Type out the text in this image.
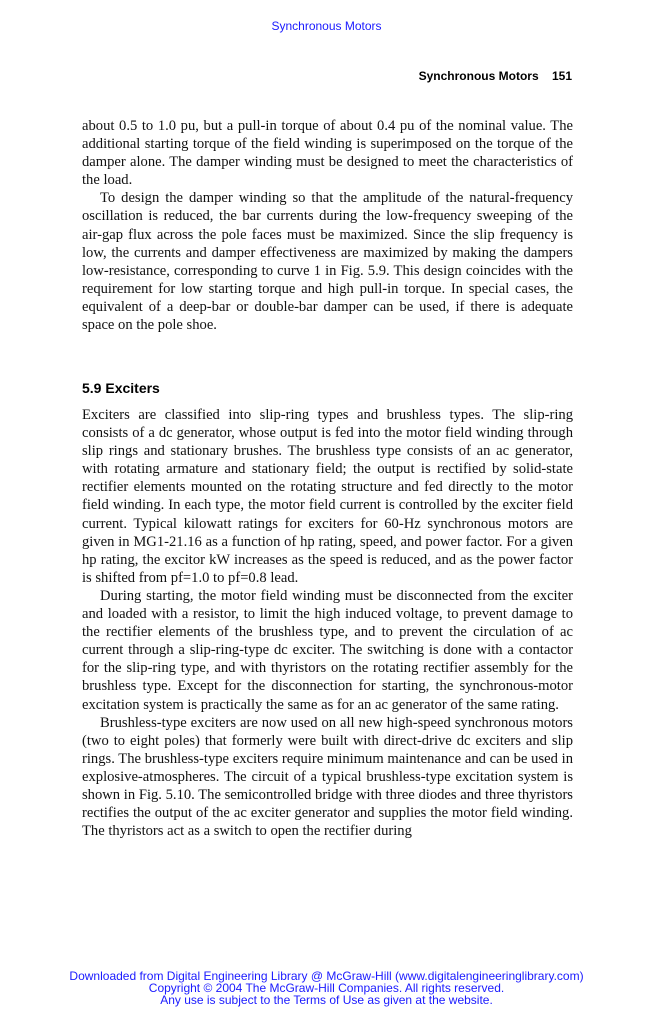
Synchronous Motors
Synchronous Motors 151

about 0.5 to 1.0 pu, but a pull-in torque of about 0.4 pu of the nominal value. The additional starting torque of the field winding is superimposed on the torque of the damper alone. The damper winding must be designed to meet the characteristics of the load.

To design the damper winding so that the amplitude of the natural-frequency oscillation is reduced, the bar currents during the low-frequency sweeping of the air-gap flux across the pole faces must be maximized. Since the slip frequency is low, the currents and damper effectiveness are maximized by making the dampers low-resistance, corresponding to curve 1 in Fig. 5.9. This design coincides with the requirement for low starting torque and high pull-in torque. In special cases, the equivalent of a deep-bar or double-bar damper can be used, if there is adequate space on the pole shoe.

5.9 Exciters

Exciters are classified into slip-ring types and brushless types. The slip-ring consists of a dc generator, whose output is fed into the motor field winding through slip rings and stationary brushes. The brushless type consists of an ac generator, with rotating armature and stationary field; the output is rectified by solid-state rectifier elements mounted on the rotating structure and fed directly to the motor field winding. In each type, the motor field current is controlled by the exciter field current. Typical kilowatt ratings for exciters for 60-Hz synchronous motors are given in MG1-21.16 as a function of hp rating, speed, and power factor. For a given hp rating, the excitor kW increases as the speed is reduced, and as the power factor is shifted from pf=1.0 to pf=0.8 lead.

During starting, the motor field winding must be disconnected from the exciter and loaded with a resistor, to limit the high induced voltage, to prevent damage to the rectifier elements of the brushless type, and to prevent the circulation of ac current through a slip-ring-type dc exciter. The switching is done with a contactor for the slip-ring type, and with thyristors on the rotating rectifier assembly for the brushless type. Except for the disconnection for starting, the synchronous-motor excitation system is practically the same as for an ac generator of the same rating.

Brushless-type exciters are now used on all new high-speed synchronous motors (two to eight poles) that formerly were built with direct-drive dc exciters and slip rings. The brushless-type exciters require minimum maintenance and can be used in explosive-atmospheres. The circuit of a typical brushless-type excitation system is shown in Fig. 5.10. The semicontrolled bridge with three diodes and three thyristors rectifies the output of the ac exciter generator and supplies the motor field winding. The thyristors act as a switch to open the rectifier during

Downloaded from Digital Engineering Library @ McGraw-Hill (www.digitalengineeringlibrary.com)
Copyright © 2004 The McGraw-Hill Companies. All rights reserved.
Any use is subject to the Terms of Use as given at the website.
